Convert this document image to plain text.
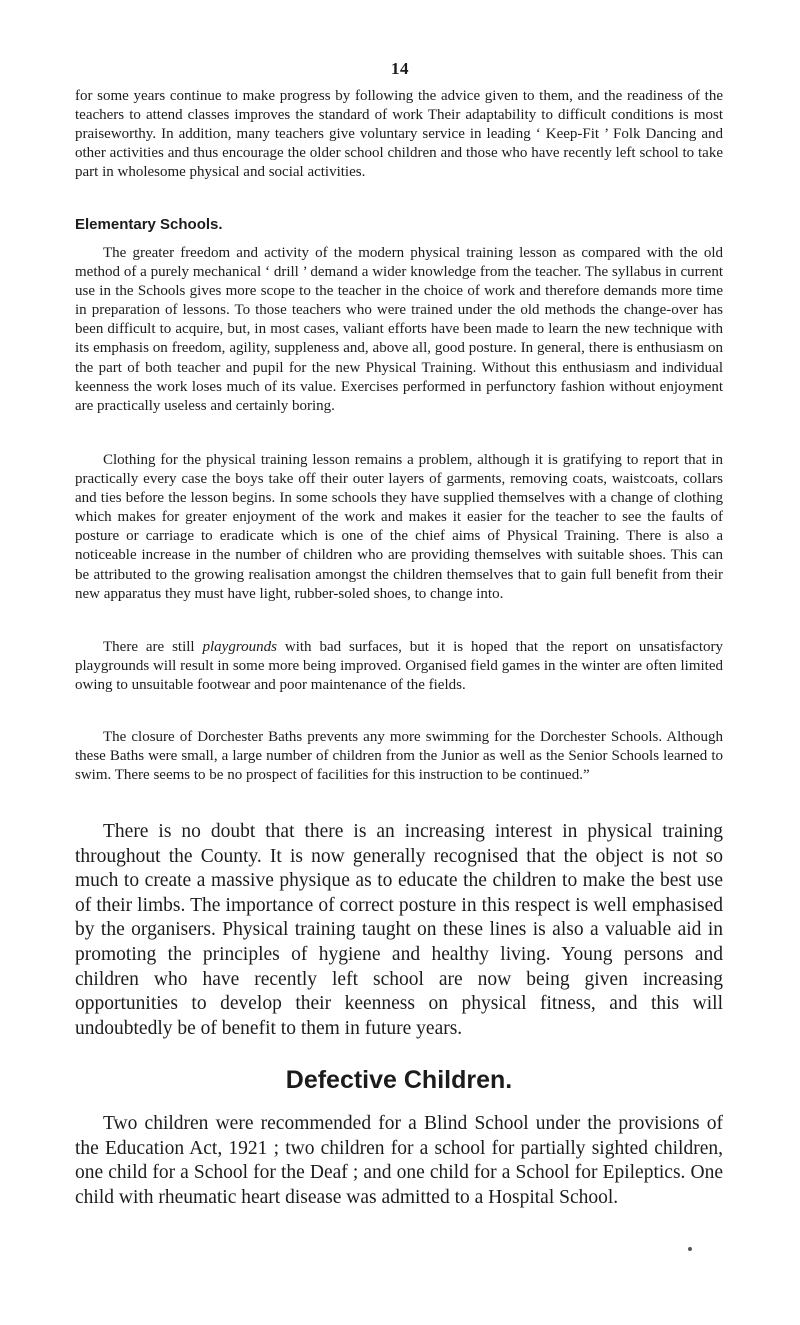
14

for some years continue to make progress by following the advice given to them, and the readiness of the teachers to attend classes improves the standard of work Their adaptability to difficult conditions is most praiseworthy. In addition, many teachers give voluntary service in leading ‘ Keep-Fit ’ Folk Dancing and other activities and thus encourage the older school children and those who have recently left school to take part in wholesome physical and social activities.

Elementary Schools.

The greater freedom and activity of the modern physical training lesson as compared with the old method of a purely mechanical ‘ drill ’ demand a wider knowledge from the teacher. The syllabus in current use in the Schools gives more scope to the teacher in the choice of work and therefore demands more time in preparation of lessons. To those teachers who were trained under the old methods the change-over has been difficult to acquire, but, in most cases, valiant efforts have been made to learn the new technique with its emphasis on freedom, agility, suppleness and, above all, good posture. In general, there is enthusiasm on the part of both teacher and pupil for the new Physical Training. Without this enthusiasm and individual keenness the work loses much of its value. Exercises performed in perfunctory fashion without enjoyment are practically useless and certainly boring.

Clothing for the physical training lesson remains a problem, although it is gratifying to report that in practically every case the boys take off their outer layers of garments, removing coats, waistcoats, collars and ties before the lesson begins. In some schools they have supplied themselves with a change of clothing which makes for greater enjoyment of the work and makes it easier for the teacher to see the faults of posture or carriage to eradicate which is one of the chief aims of Physical Training. There is also a noticeable increase in the number of children who are providing themselves with suitable shoes. This can be attributed to the growing realisation amongst the children themselves that to gain full benefit from their new apparatus they must have light, rubber-soled shoes, to change into.

There are still playgrounds with bad surfaces, but it is hoped that the report on unsatisfactory playgrounds will result in some more being improved. Organised field games in the winter are often limited owing to unsuitable footwear and poor maintenance of the fields.

The closure of Dorchester Baths prevents any more swimming for the Dorchester Schools. Although these Baths were small, a large number of children from the Junior as well as the Senior Schools learned to swim. There seems to be no prospect of facilities for this instruction to be continued.”

There is no doubt that there is an increasing interest in physical training throughout the County. It is now generally recognised that the object is not so much to create a massive physique as to educate the children to make the best use of their limbs. The importance of correct posture in this respect is well emphasised by the organisers. Physical training taught on these lines is also a valuable aid in promoting the principles of hygiene and healthy living. Young persons and children who have recently left school are now being given increasing opportunities to develop their keenness on physical fitness, and this will undoubtedly be of benefit to them in future years.

Defective Children.

Two children were recommended for a Blind School under the provisions of the Education Act, 1921 ; two children for a school for partially sighted children, one child for a School for the Deaf ; and one child for a School for Epileptics. One child with rheumatic heart disease was admitted to a Hospital School.
